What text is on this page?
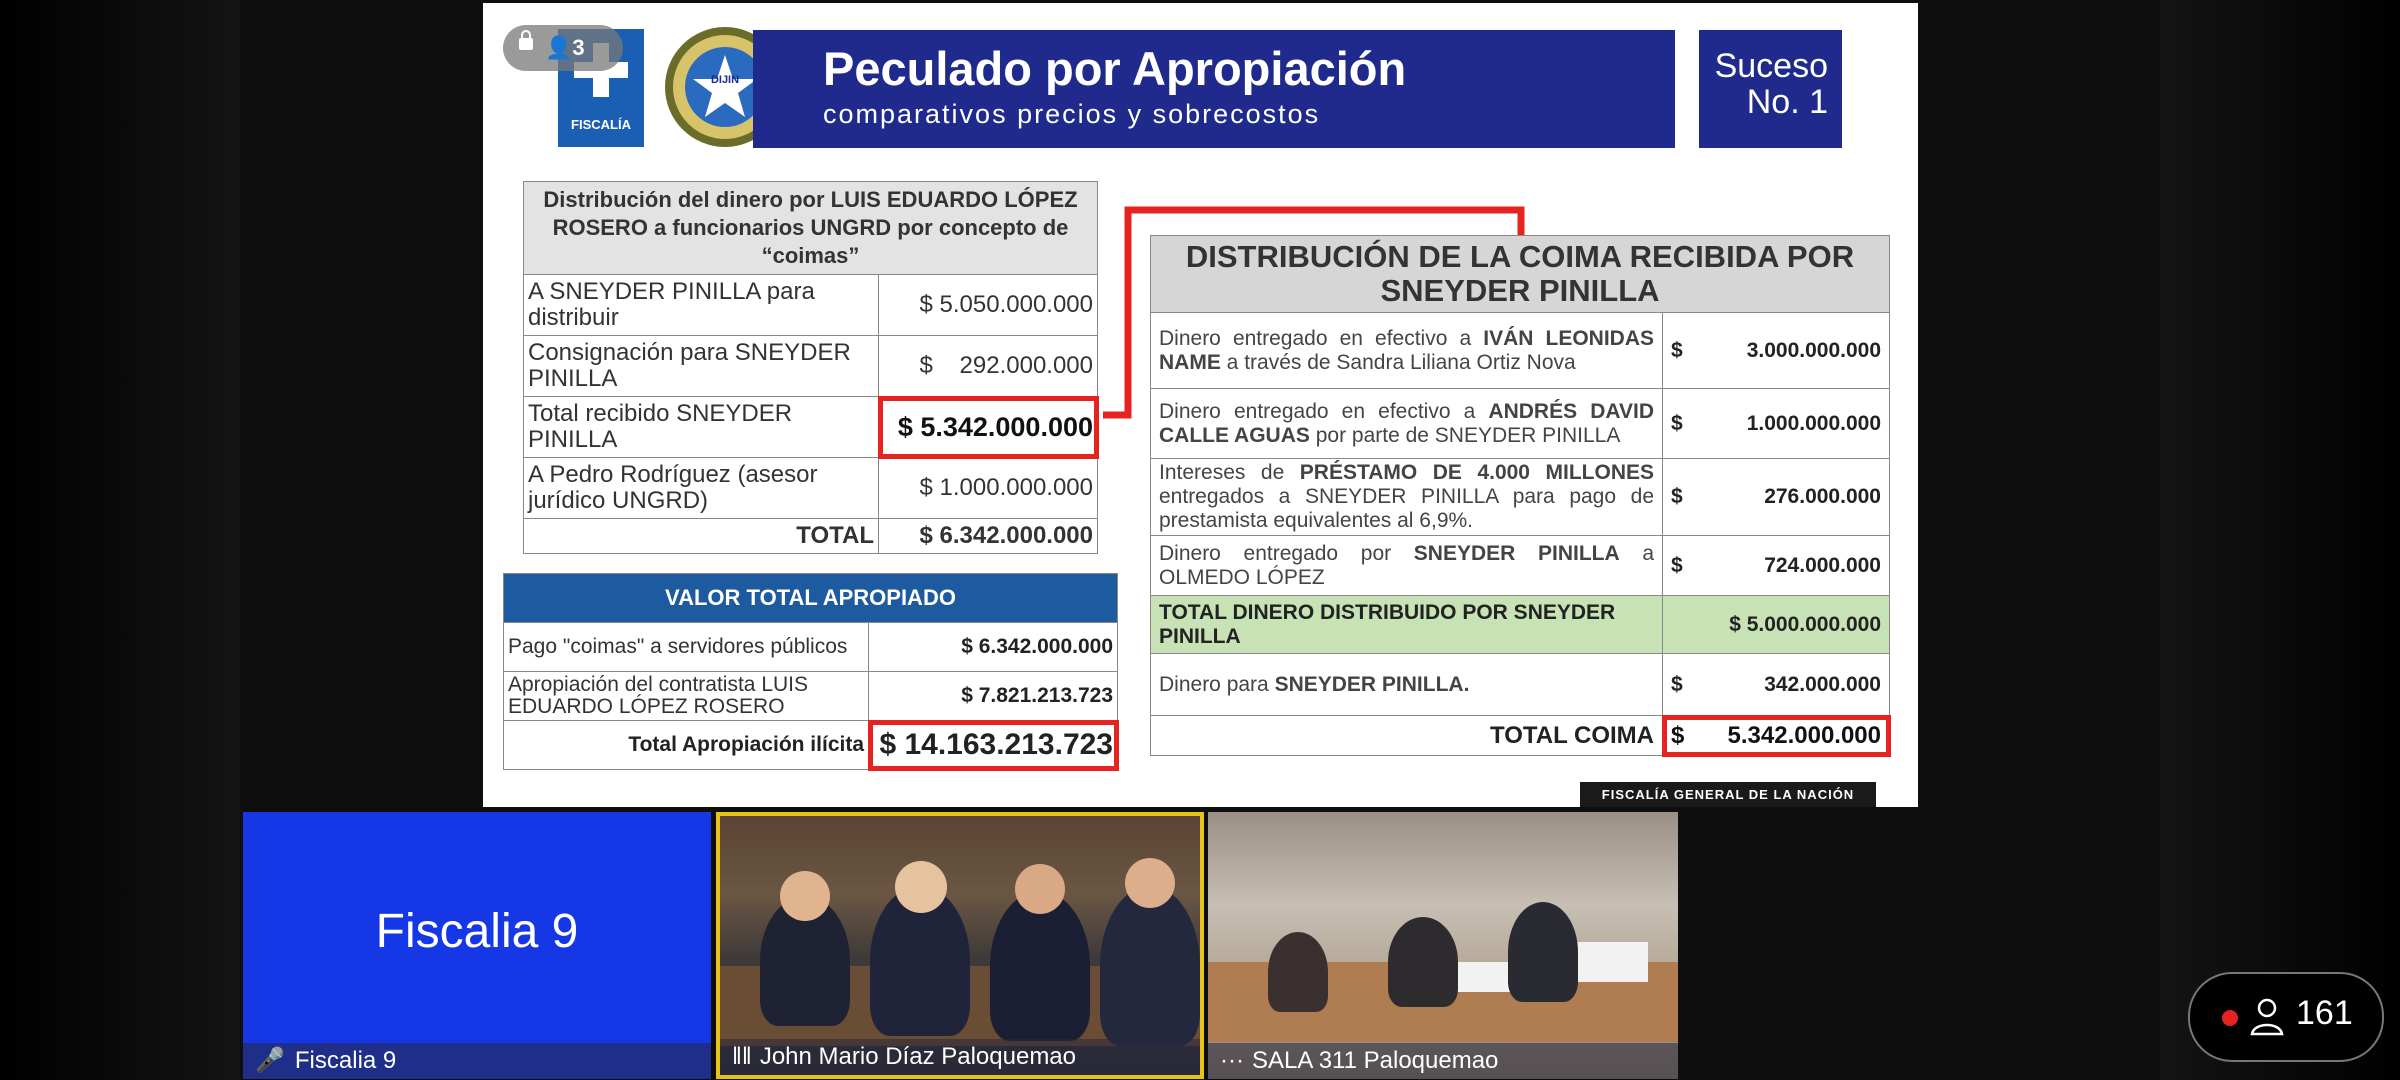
FISCALÍA
DIJIN Peculado por Apropiación
comparativos precios y sobrecostos
Suceso
No. 1
👤3
Distribución del dinero por LUIS EDUARDO LÓPEZ ROSERO a funcionarios UNGRD por concepto de “coimas”	
A SNEYDER PINILLA para distribuir	$ 5.050.000.000
Consignación para SNEYDER PINILLA	$    292.000.000
Total recibido SNEYDER PINILLA	$ 5.342.000.000
A Pedro Rodríguez (asesor jurídico UNGRD)	$ 1.000.000.000
TOTAL	$ 6.342.000.000
VALOR TOTAL APROPIADO	
Pago "coimas" a servidores públicos	$ 6.342.000.000
Apropiación del contratista LUIS EDUARDO LÓPEZ ROSERO	$ 7.821.213.723
Total Apropiación ilícita	$ 14.163.213.723
DISTRIBUCIÓN DE LA COIMA RECIBIDA POR SNEYDER PINILLA	
Dinero entregado en efectivo a IVÁN LEONIDAS NAME a través de Sandra Liliana Ortiz Nova	$ 3.000.000.000

Dinero entregado en efectivo a ANDRÉS DAVID CALLE AGUAS por parte de SNEYDER PINILLA	$ 1.000.000.000

Intereses de PRÉSTAMO DE 4.000 MILLONES entregados a SNEYDER PINILLA para pago de prestamista equivalentes al 6,9%.	$ 276.000.000

Dinero entregado por SNEYDER PINILLA a OLMEDO LÓPEZ	$ 724.000.000

TOTAL DINERO DISTRIBUIDO POR SNEYDER PINILLA	$ 5.000.000.000
Dinero para SNEYDER PINILLA.	$ 342.000.000

TOTAL COIMA	$ 5.342.000.000
FISCALÍA GENERAL DE LA NACIÓN
Fiscalia 9
🎤 Fiscalia 9	‖‖ John Mario Díaz Paloquemao	··· SALA 311 Paloquemao
161
